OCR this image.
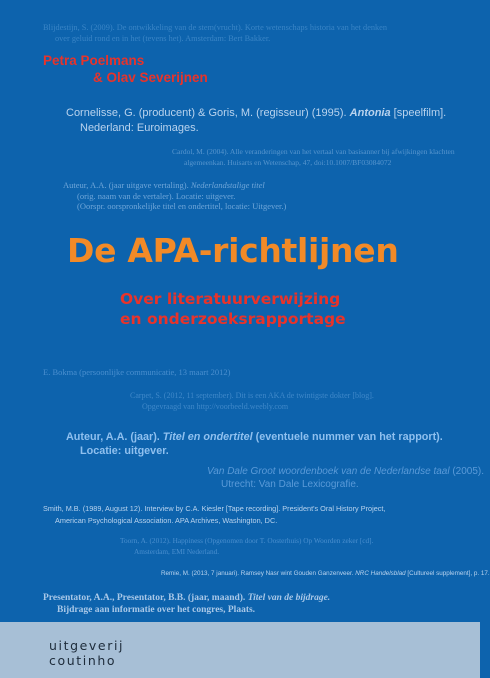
Blijdestijn, S. (2009). De ontwikkeling van de stem(vrucht). Korte wetenschaps historia van het denken
over geluid rond en in het (tevens het). Amsterdam: Bert Bakker.
Petra Poelmans
& Olav Severijnen
Cornelisse, G. (producent) & Goris, M. (regisseur) (1995). Antonia [speelfilm].
Nederland: Euroimages.
Cardol, M. (2004). Alle veranderingen van het vertaal van basisanner bij afwijkingen klachten
algemeenkan. Huisarts en Wetenschap, 47, doi:10.1007/BF03084072
Auteur, A.A. (jaar uitgave vertaling). Nederlandstalige titel
(orig. naam van de vertaler). Locatie: uitgever.
(Oorspr. oorspronkelijke titel en ondertitel, locatie: Uitgever.)
De APA-richtlijnen
Over literatuurverwijzing
en onderzoeksrapportage
E. Bokma (persoonlijke communicatie, 13 maart 2012)
Carpet, S. (2012, 11 september). Dit is een AKA de twintigste dokter [blog].
Opgevraagd van http://voorbeeld.weebly.com
Auteur, A.A. (jaar). Titel en ondertitel (eventuele nummer van het rapport).
Locatie: uitgever.
Van Dale Groot woordenboek van de Nederlandse taal (2005).
Utrecht: Van Dale Lexicografie.
Smith, M.B. (1989, August 12). Interview by C.A. Kiesler [Tape recording]. President's Oral History Project,
American Psychological Association. APA Archives, Washington, DC.
Toorn, A. (2012). Happiness (Opgenomen door T. Oosterhuis) Op Woorden zeker [cd].
Amsterdam, EMI Nederland.
Remie, M. (2013, 7 januari). Ramsey Nasr wint Gouden Ganzenveer. NRC Handelsblad [Cultureel supplement], p. 17.
Presentator, A.A., Presentator, B.B. (jaar, maand). Titel van de bijdrage.
Bijdrage aan informatie over het congres, Plaats.
uitgeverij
coutinho
